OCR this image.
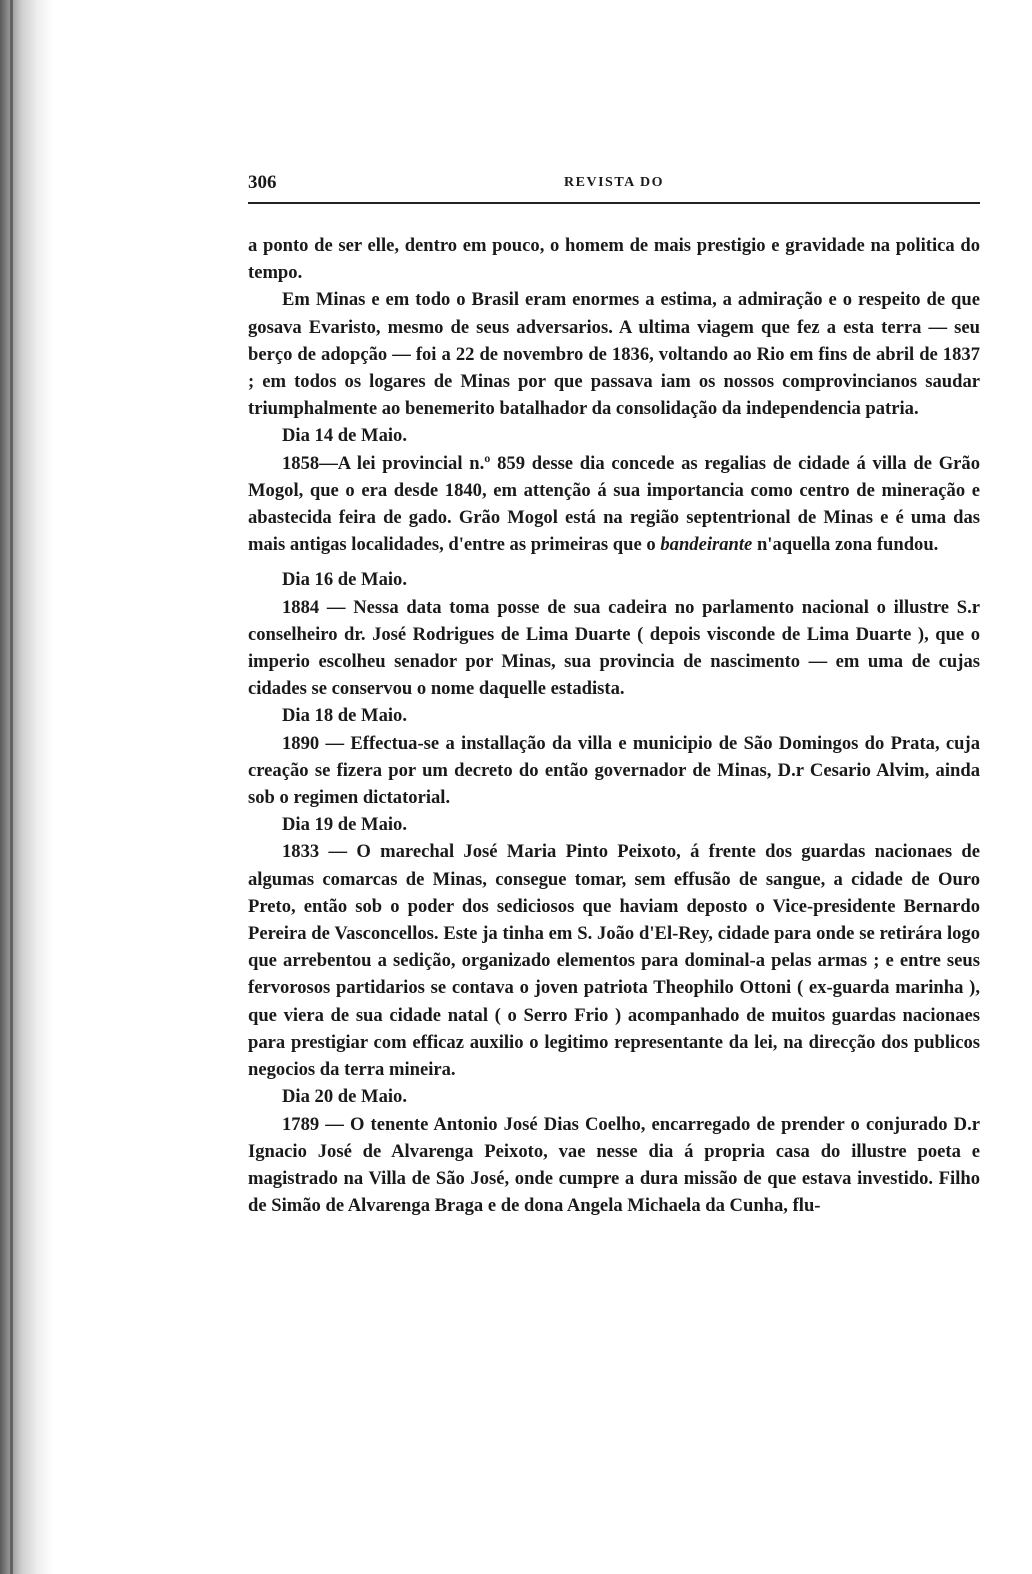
306	REVISTA DO

a ponto de ser elle, dentro em pouco, o homem de mais prestigio e gravidade na politica do tempo.

Em Minas e em todo o Brasil eram enormes a estima, a admiração e o respeito de que gosava Evaristo, mesmo de seus adversarios. A ultima viagem que fez a esta terra — seu berço de adopção — foi a 22 de novembro de 1836, voltando ao Rio em fins de abril de 1837 ; em todos os logares de Minas por que passava iam os nossos comprovincianos saudar triumphalmente ao benemerito batalhador da consolidação da independencia patria.

Dia 14 de Maio.

1858—A lei provincial n.º 859 desse dia concede as regalias de cidade á villa de Grão Mogol, que o era desde 1840, em attenção á sua importancia como centro de mineração e abastecida feira de gado. Grão Mogol está na região septentrional de Minas e é uma das mais antigas localidades, d'entre as primeiras que o bandeirante n'aquella zona fundou.

Dia 16 de Maio.

1884 — Nessa data toma posse de sua cadeira no parlamento nacional o illustre S.r conselheiro dr. José Rodrigues de Lima Duarte ( depois visconde de Lima Duarte ), que o imperio escolheu senador por Minas, sua provincia de nascimento — em uma de cujas cidades se conservou o nome daquelle estadista.

Dia 18 de Maio.

1890 — Effectua-se a installação da villa e municipio de São Domingos do Prata, cuja creação se fizera por um decreto do então governador de Minas, D.r Cesario Alvim, ainda sob o regimen dictatorial.

Dia 19 de Maio.

1833 — O marechal José Maria Pinto Peixoto, á frente dos guardas nacionaes de algumas comarcas de Minas, consegue tomar, sem effusão de sangue, a cidade de Ouro Preto, então sob o poder dos sediciosos que haviam deposto o Vice-presidente Bernardo Pereira de Vasconcellos. Este ja tinha em S. João d'El-Rey, cidade para onde se retirára logo que arrebentou a sedição, organizado elementos para dominal-a pelas armas ; e entre seus fervorosos partidarios se contava o joven patriota Theophilo Ottoni ( ex-guarda marinha ), que viera de sua cidade natal ( o Serro Frio ) acompanhado de muitos guardas nacionaes para prestigiar com efficaz auxilio o legitimo representante da lei, na direcção dos publicos negocios da terra mineira.

Dia 20 de Maio.

1789 — O tenente Antonio José Dias Coelho, encarregado de prender o conjurado D.r Ignacio José de Alvarenga Peixoto, vae nesse dia á propria casa do illustre poeta e magistrado na Villa de São José, onde cumpre a dura missão de que estava investido. Filho de Simão de Alvarenga Braga e de dona Angela Michaela da Cunha, flu-
